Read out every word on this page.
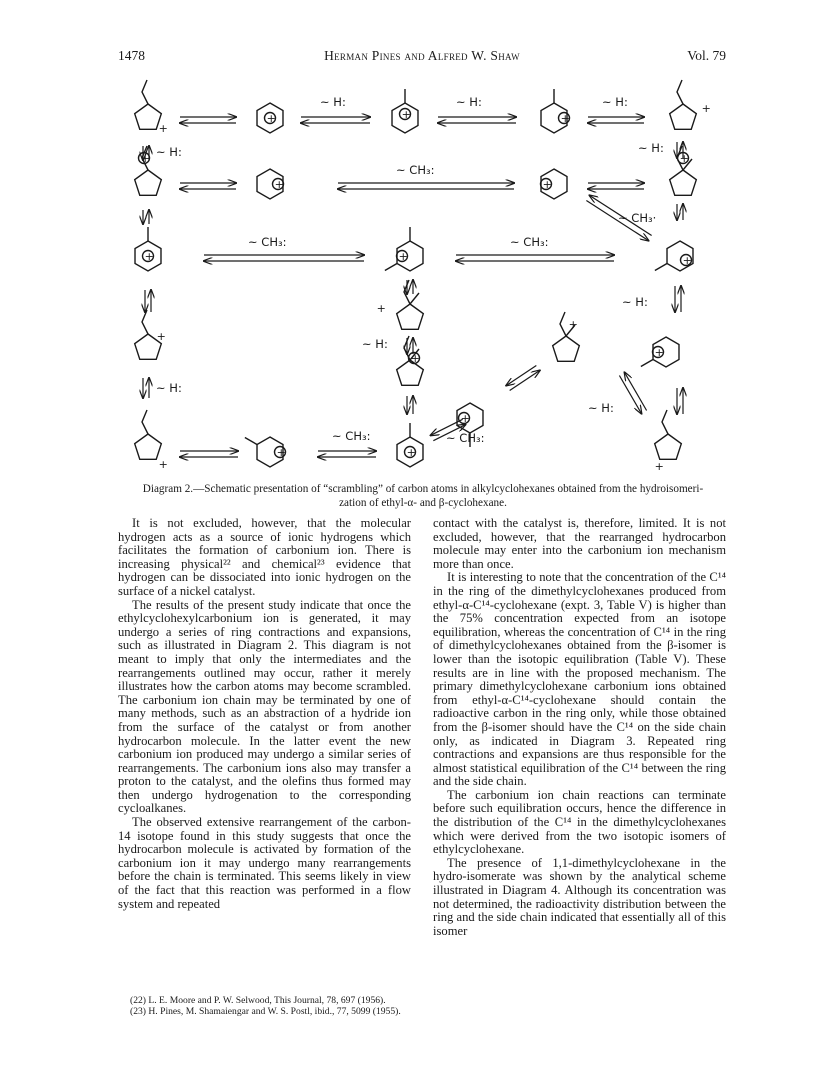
1478	Herman Pines and Alfred W. Shaw	Vol. 79
+
+	+	+
+
~ H:	~ H:	~ H:
~ H:	~ H:
+
+	+
+
~ CH₃:
~ CH₃·
+	+	+
~ CH₃:	~ CH₃:
~ H:
+
+
+
+
~ H:
~ H:
~ H:
+
+
+
+	+
+
~ CH₃:	~ CH₃:
Diagram 2.—Schematic presentation of “scrambling” of carbon atoms in alkylcyclohexanes obtained from the hydroisomeri-
zation of ethyl-α- and β-cyclohexane.

It is not excluded, however, that the molecular hydrogen acts as a source of ionic hydrogens which facilitates the formation of carbonium ion. There is increasing physical²² and chemical²³ evidence that hydrogen can be dissociated into ionic hydrogen on the surface of a nickel catalyst.

The results of the present study indicate that once the ethylcyclohexylcarbonium ion is generated, it may undergo a series of ring contractions and expansions, such as illustrated in Diagram 2. This diagram is not meant to imply that only the intermediates and the rearrangements outlined may occur, rather it merely illustrates how the carbon atoms may become scrambled. The carbonium ion chain may be terminated by one of many methods, such as an abstraction of a hydride ion from the surface of the catalyst or from another hydrocarbon molecule. In the latter event the new carbonium ion produced may undergo a similar series of rearrangements. The carbonium ions also may transfer a proton to the catalyst, and the olefins thus formed may then undergo hydrogenation to the corresponding cycloalkanes.

The observed extensive rearrangement of the carbon-14 isotope found in this study suggests that once the hydrocarbon molecule is activated by formation of the carbonium ion it may undergo many rearrangements before the chain is terminated. This seems likely in view of the fact that this reaction was performed in a flow system and repeated

(22) L. E. Moore and P. W. Selwood, This Journal, 78, 697 (1956).
(23) H. Pines, M. Shamaiengar and W. S. Postl, ibid., 77, 5099 (1955).

contact with the catalyst is, therefore, limited. It is not excluded, however, that the rearranged hydrocarbon molecule may enter into the carbonium ion mechanism more than once.

It is interesting to note that the concentration of the C¹⁴ in the ring of the dimethylcyclohexanes produced from ethyl-α-C¹⁴-cyclohexane (expt. 3, Table V) is higher than the 75% concentration expected from an isotope equilibration, whereas the concentration of C¹⁴ in the ring of dimethylcyclohexanes obtained from the β-isomer is lower than the isotopic equilibration (Table V). These results are in line with the proposed mechanism. The primary dimethylcyclohexane carbonium ions obtained from ethyl-α-C¹⁴-cyclohexane should contain the radioactive carbon in the ring only, while those obtained from the β-isomer should have the C¹⁴ on the side chain only, as indicated in Diagram 3. Repeated ring contractions and expansions are thus responsible for the almost statistical equilibration of the C¹⁴ between the ring and the side chain.

The carbonium ion chain reactions can terminate before such equilibration occurs, hence the difference in the distribution of the C¹⁴ in the dimethylcyclohexanes which were derived from the two isotopic isomers of ethylcyclohexane.

The presence of 1,1-dimethylcyclohexane in the hydro-isomerate was shown by the analytical scheme illustrated in Diagram 4. Although its concentration was not determined, the radioactivity distribution between the ring and the side chain indicated that essentially all of this isomer
